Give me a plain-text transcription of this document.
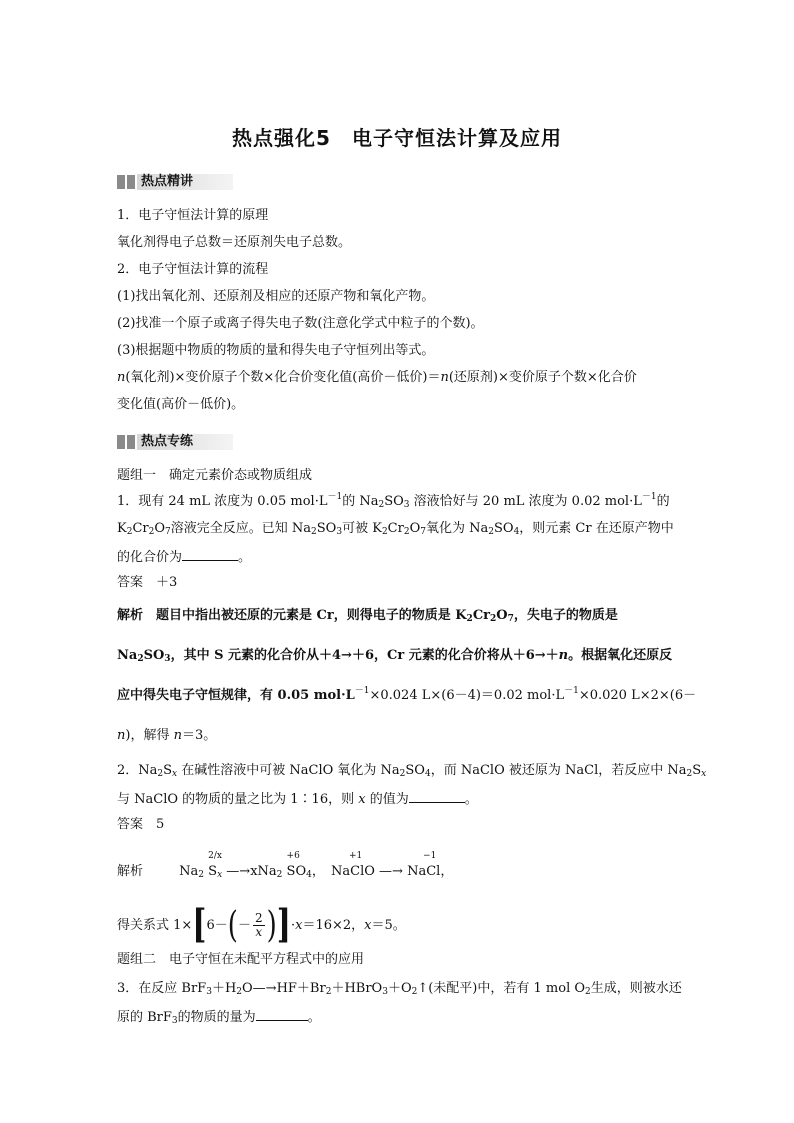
热点强化5　电子守恒法计算及应用
热点精讲
1．电子守恒法计算的原理
氧化剂得电子总数＝还原剂失电子总数。
2．电子守恒法计算的流程
(1)找出氧化剂、还原剂及相应的还原产物和氧化产物。
(2)找准一个原子或离子得失电子数(注意化学式中粒子的个数)。
(3)根据题中物质的物质的量和得失电子守恒列出等式。
n(氧化剂)×变价原子个数×化合价变化值(高价－低价)＝n(还原剂)×变价原子个数×化合价
变化值(高价－低价)。
热点专练
题组一　确定元素价态或物质组成
1．现有 24 mL 浓度为 0.05 $mol\cdot L^{-1}$的 $Na_2SO_3$ 溶液恰好与 20 mL 浓度为 0.02 $mol\cdot L^{-1}$的
$K_2Cr_2O_7$溶液完全反应。已知 $Na_2SO_3$可被 $K_2Cr_2O_7$氧化为 $Na_2SO_4$，则元素 Cr 在还原产物中
的化合价为	。
答案　＋3
解析　题目中指出被还原的元素是 Cr，则得电子的物质是 $K_2Cr_2O_7$，失电子的物质是
$Na_2SO_3$，其中 S 元素的化合价从＋4→＋6，Cr 元素的化合价将从＋6→＋n。根据氧化还原反
应中得失电子守恒规律，有 0.05 $mol\cdot L^{-1}\times 0.024$ L×(6－4)＝0.02 $mol\cdot L^{-1}\times 0.020$ L×2×(6－
n)，解得 n＝3。
2．$Na_2S_x$ 在碱性溶液中可被 NaClO 氧化为 $Na_2SO_4$，而 NaClO 被还原为 NaCl，若反应中 $Na_2S_x$
与 NaClO 的物质的量之比为 1∶16，则 x 的值为	。
答案　5
解析	$Na_2$
2/x
$S_x$ —→xNa$_2$
+6
$SO_4$，
+1
NaClO —→
−1
NaCl，
得关系式 $1\times[6-(- \frac{2}{x} )]\cdot x=16\times 2$，x＝5。
题组二　电子守恒在未配平方程式中的应用
3．在反应 $BrF_3+H_2O—\to HF+Br_2+HBrO_3+O_2↑$(未配平)中，若有 1 mol $O_2$生成，则被水还
原的 BrF$_3$的物质的量为	。
